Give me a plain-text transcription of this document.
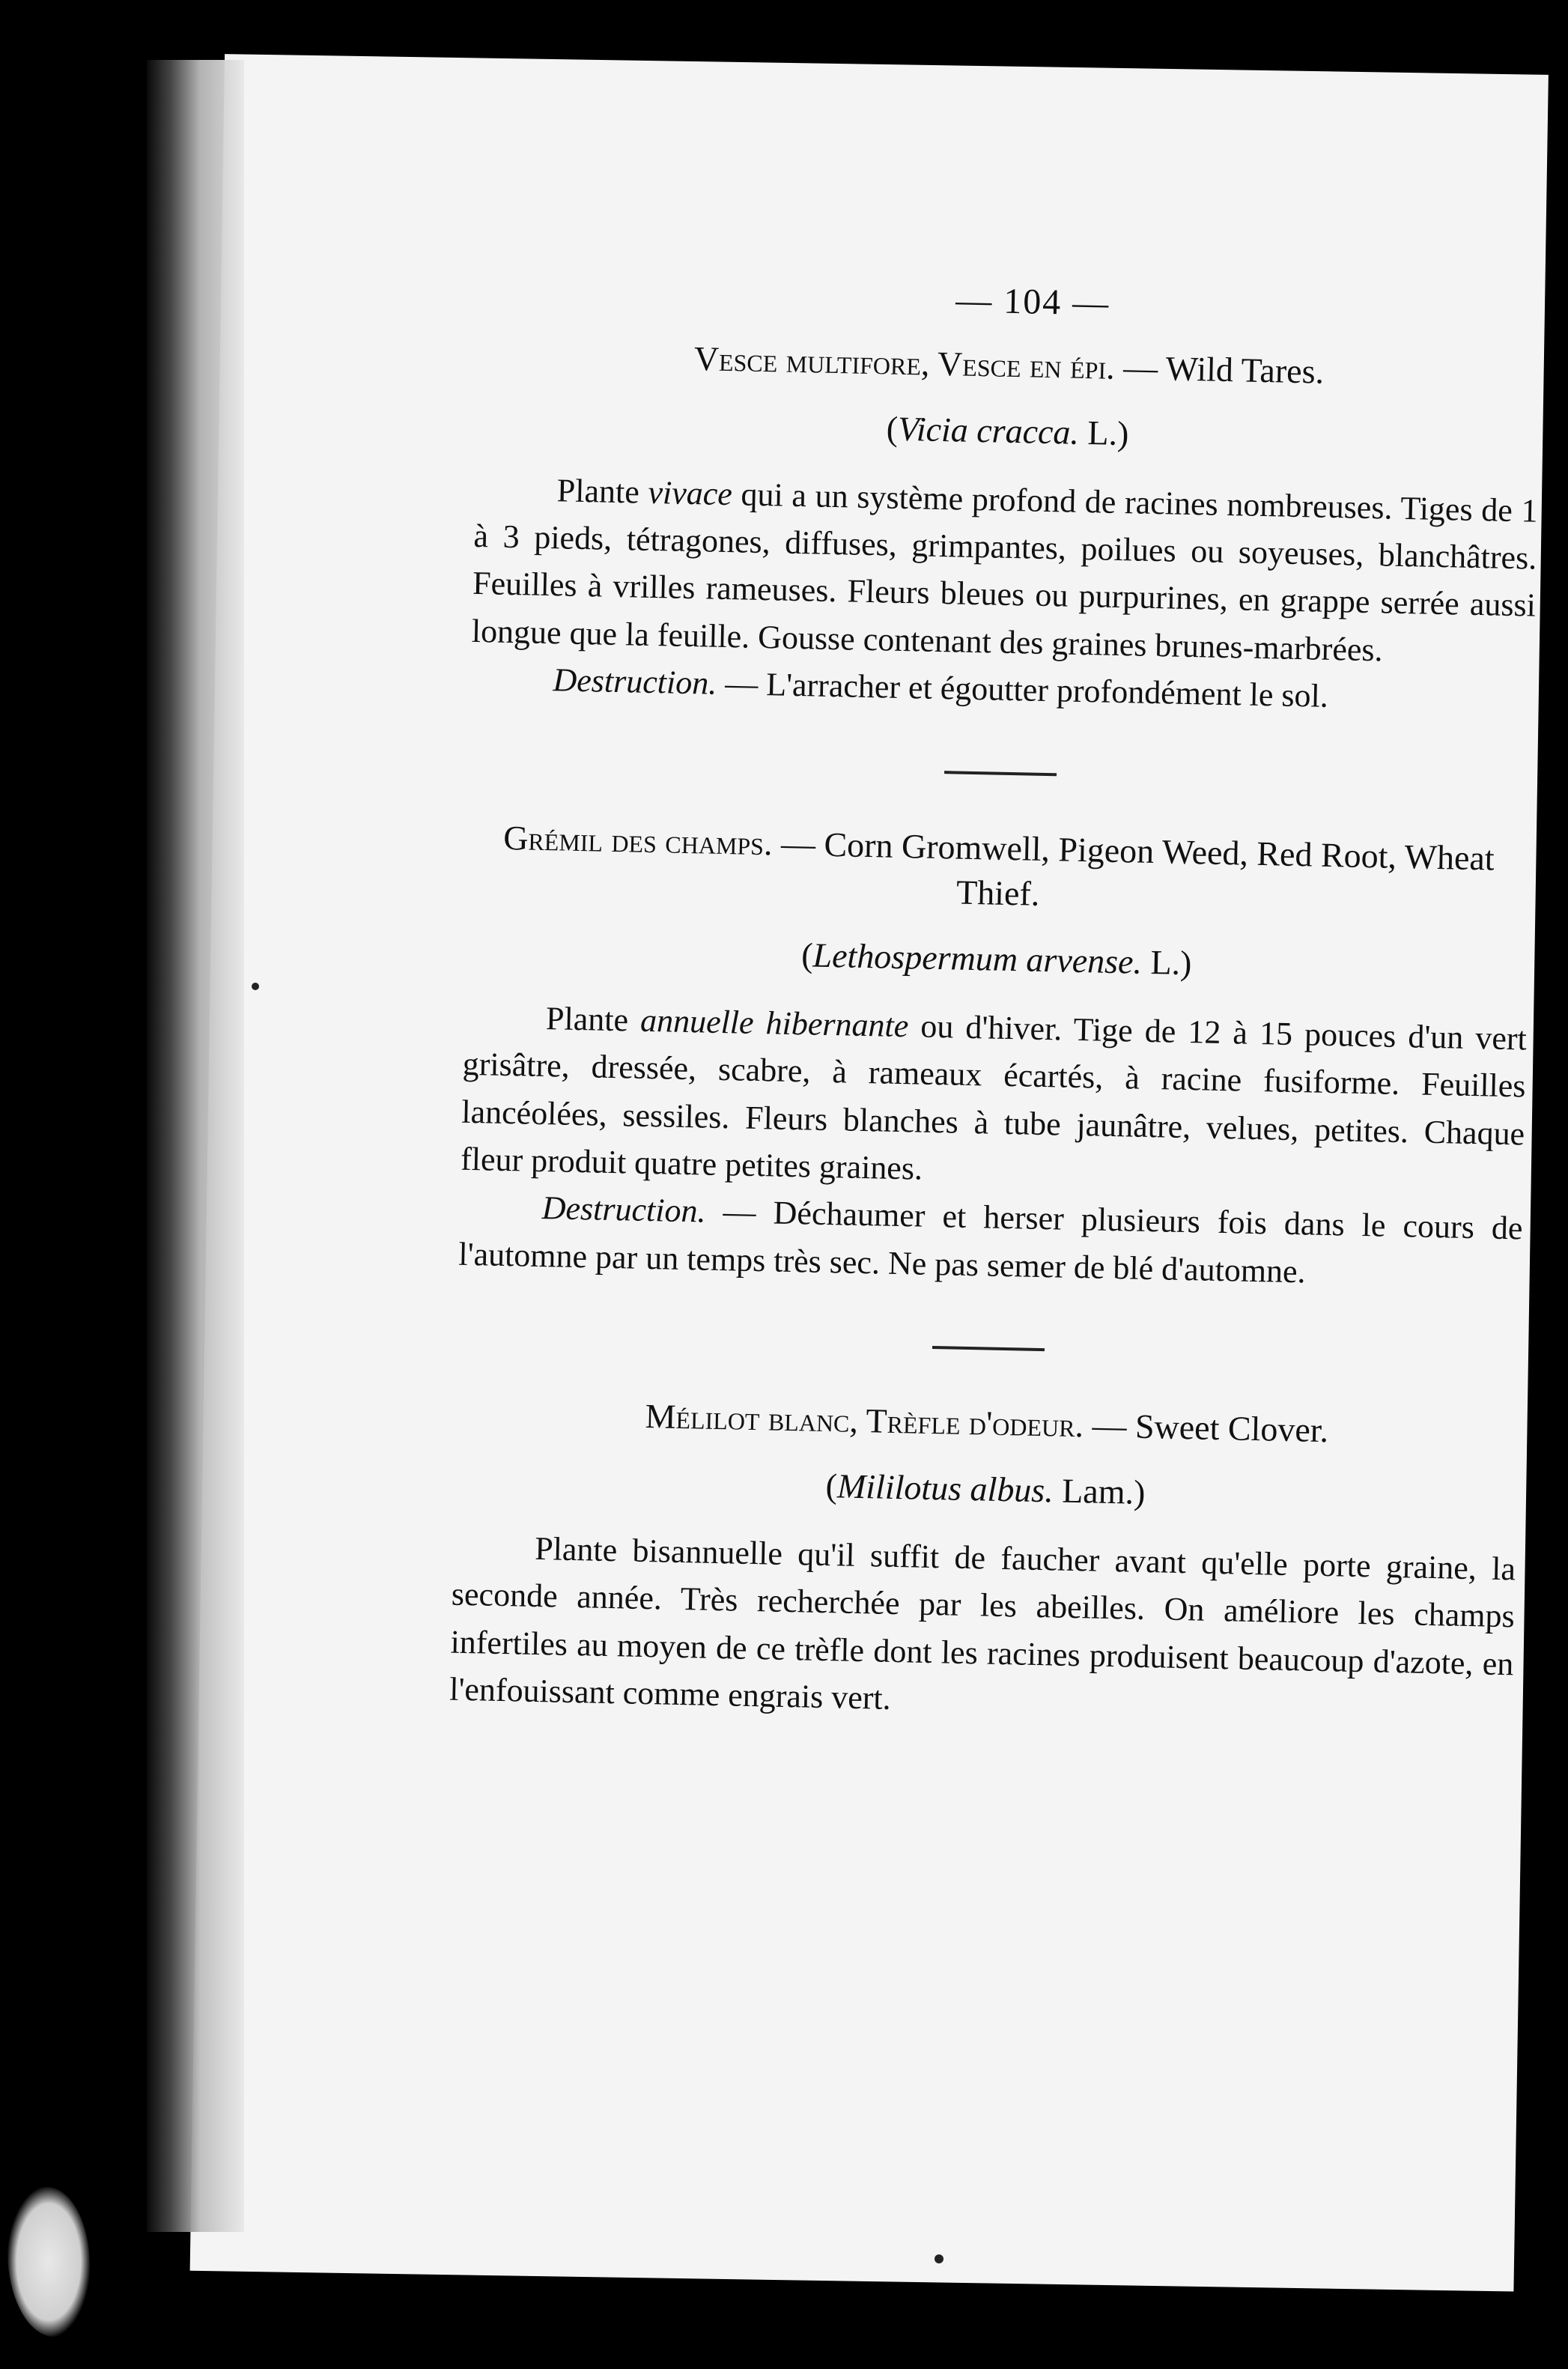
— 104 —
Vesce multifore, Vesce en épi. — Wild Tares.
(Vicia cracca. L.)

Plante vivace qui a un système profond de racines nombreuses. Tiges de 1 à 3 pieds, tétragones, diffuses, grimpantes, poilues ou soyeuses, blanchâtres. Feuilles à vrilles rameuses. Fleurs bleues ou purpurines, en grappe serrée aussi longue que la feuille. Gousse contenant des graines brunes-marbrées.

Destruction. — L'arracher et égoutter profondément le sol.

Grémil des champs. — Corn Gromwell, Pigeon Weed, Red Root, Wheat Thief.
(Lethospermum arvense. L.)

Plante annuelle hibernante ou d'hiver. Tige de 12 à 15 pouces d'un vert grisâtre, dressée, scabre, à rameaux écartés, à racine fusiforme. Feuilles lancéolées, sessiles. Fleurs blanches à tube jaunâtre, velues, petites. Chaque fleur produit quatre petites graines.

Destruction. — Déchaumer et herser plusieurs fois dans le cours de l'automne par un temps très sec. Ne pas semer de blé d'automne.

Mélilot blanc, Trèfle d'odeur. — Sweet Clover.
(Mililotus albus. Lam.)

Plante bisannuelle qu'il suffit de faucher avant qu'elle porte graine, la seconde année. Très recherchée par les abeilles. On améliore les champs infertiles au moyen de ce trèfle dont les racines produisent beaucoup d'azote, en l'enfouissant comme engrais vert.
